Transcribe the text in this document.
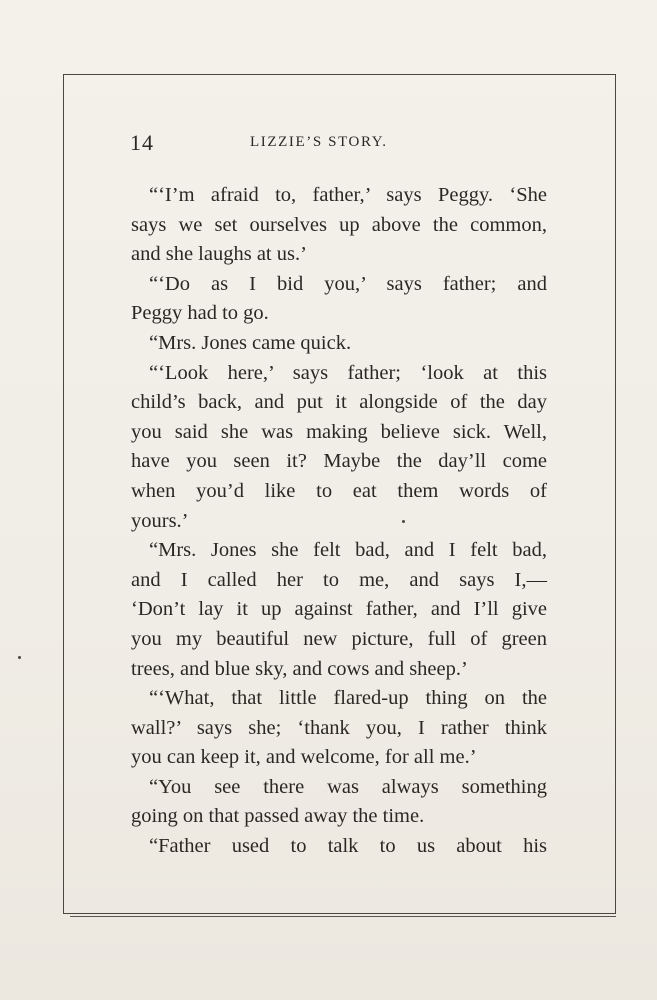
14	LIZZIE’S STORY.
“‘I’m afraid to, father,’ says Peggy. ‘She
says we set ourselves up above the common,
and she laughs at us.’
“‘Do as I bid you,’ says father; and
Peggy had to go.
“Mrs. Jones came quick.
“‘Look here,’ says father; ‘look at this
child’s back, and put it alongside of the day
you said she was making believe sick. Well,
have you seen it? Maybe the day’ll come
when you’d like to eat them words of
yours.’
“Mrs. Jones she felt bad, and I felt bad,
and I called her to me, and says I,—
‘Don’t lay it up against father, and I’ll give
you my beautiful new picture, full of green
trees, and blue sky, and cows and sheep.’
“‘What, that little flared-up thing on the
wall?’ says she; ‘thank you, I rather think
you can keep it, and welcome, for all me.’
“You see there was always something
going on that passed away the time.
“Father used to talk to us about his
